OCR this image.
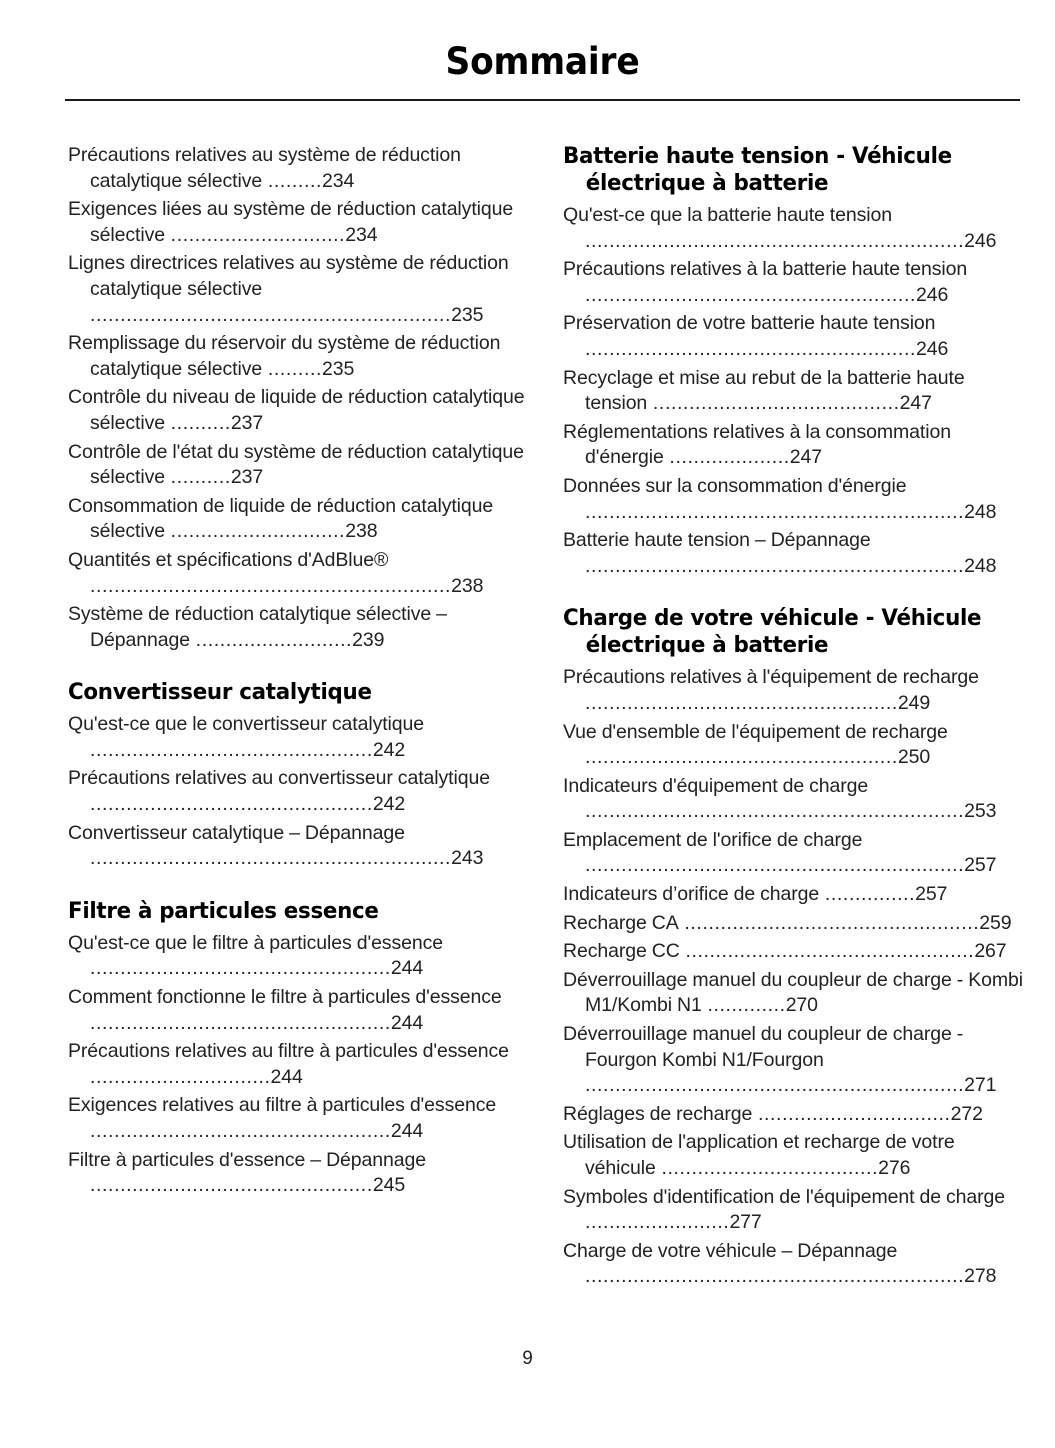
Sommaire
Précautions relatives au système de réduction catalytique sélective .........234
Exigences liées au système de réduction catalytique sélective .............................234
Lignes directrices relatives au système de réduction catalytique sélective ............................................................235
Remplissage du réservoir du système de réduction catalytique sélective .........235
Contrôle du niveau de liquide de réduction catalytique sélective ..........237
Contrôle de l'état du système de réduction catalytique sélective ..........237
Consommation de liquide de réduction catalytique sélective .............................238
Quantités et spécifications d'AdBlue® ............................................................238
Système de réduction catalytique sélective – Dépannage ..........................239
Convertisseur catalytique
Qu'est-ce que le convertisseur catalytique ...............................................242
Précautions relatives au convertisseur catalytique ...............................................242
Convertisseur catalytique – Dépannage ............................................................243
Filtre à particules essence
Qu'est-ce que le filtre à particules d'essence ..................................................244
Comment fonctionne le filtre à particules d'essence ..................................................244
Précautions relatives au filtre à particules d'essence ..............................244
Exigences relatives au filtre à particules d'essence ..................................................244
Filtre à particules d'essence – Dépannage ...............................................245
Batterie haute tension - Véhicule électrique à batterie
Qu'est-ce que la batterie haute tension ...............................................................246
Précautions relatives à la batterie haute tension .......................................................246
Préservation de votre batterie haute tension .......................................................246
Recyclage et mise au rebut de la batterie haute tension .........................................247
Réglementations relatives à la consommation d'énergie ....................247
Données sur la consommation d'énergie ...............................................................248
Batterie haute tension – Dépannage ...............................................................248
Charge de votre véhicule - Véhicule électrique à batterie
Précautions relatives à l'équipement de recharge ....................................................249
Vue d'ensemble de l'équipement de recharge ....................................................250
Indicateurs d'équipement de charge ...............................................................253
Emplacement de l'orifice de charge ...............................................................257
Indicateurs d’orifice de charge ...............257
Recharge CA .................................................259
Recharge CC ................................................267
Déverrouillage manuel du coupleur de charge - Kombi M1/Kombi N1 .............270
Déverrouillage manuel du coupleur de charge - Fourgon Kombi N1/Fourgon ...............................................................271
Réglages de recharge ................................272
Utilisation de l'application et recharge de votre véhicule ....................................276
Symboles d'identification de l'équipement de charge ........................277
Charge de votre véhicule – Dépannage ...............................................................278
9
